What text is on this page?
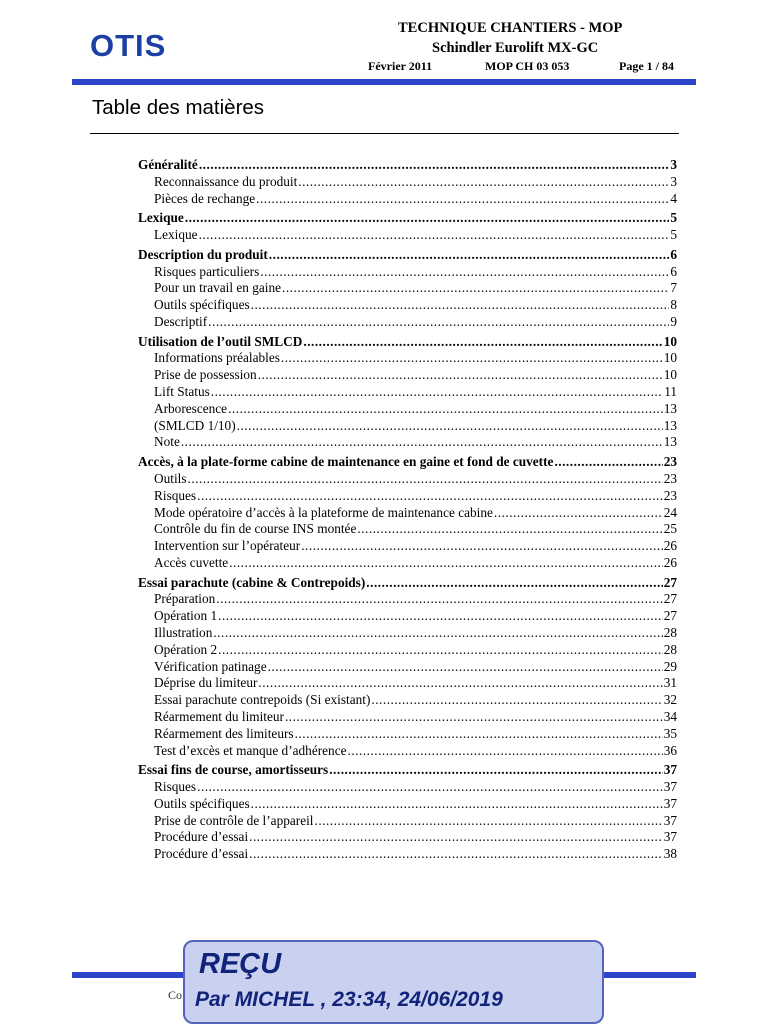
OTIS	TECHNIQUE CHANTIERS - MOP
Schindler Eurolift MX-GC
Février 2011	MOP CH 03 053	Page 1 / 84
Table des matières
Généralité .....	3
Reconnaissance du produit .....	3
Pièces de rechange .....	4
Lexique .....	5
Lexique .....	5
Description du produit .....	6
Risques particuliers .....	6
Pour un travail en gaine .....	7
Outils spécifiques .....	8
Descriptif .....	9
Utilisation de l’outil SMLCD .....	10
Informations préalables .....	10
Prise de possession .....	10
Lift Status .....	11
Arborescence .....	13
(SMLCD 1/10) .....	13
Note .....	13
Accès, à la plate-forme cabine de maintenance en gaine et fond de cuvette .....	23
Outils .....	23
Risques .....	23
Mode opératoire d’accès à la plateforme de maintenance cabine .....	24
Contrôle du fin de course INS montée .....	25
Intervention sur l’opérateur .....	26
Accès cuvette .....	26
Essai parachute (cabine & Contrepoids) .....	27
Préparation .....	27
Opération 1 .....	27
Illustration .....	28
Opération 2 .....	28
Vérification patinage .....	29
Déprise du limiteur .....	31
Essai parachute contrepoids (Si existant) .....	32
Réarmement du limiteur .....	34
Réarmement des limiteurs .....	35
Test d’excès et manque d’adhérence .....	36
Essai fins de course, amortisseurs .....	37
Risques .....	37
Outils spécifiques .....	37
Prise de contrôle de l’appareil .....	37
Procédure d’essai .....	37
Procédure d’essai .....	38
Co
REÇU
Par MICHEL , 23:34, 24/06/2019
